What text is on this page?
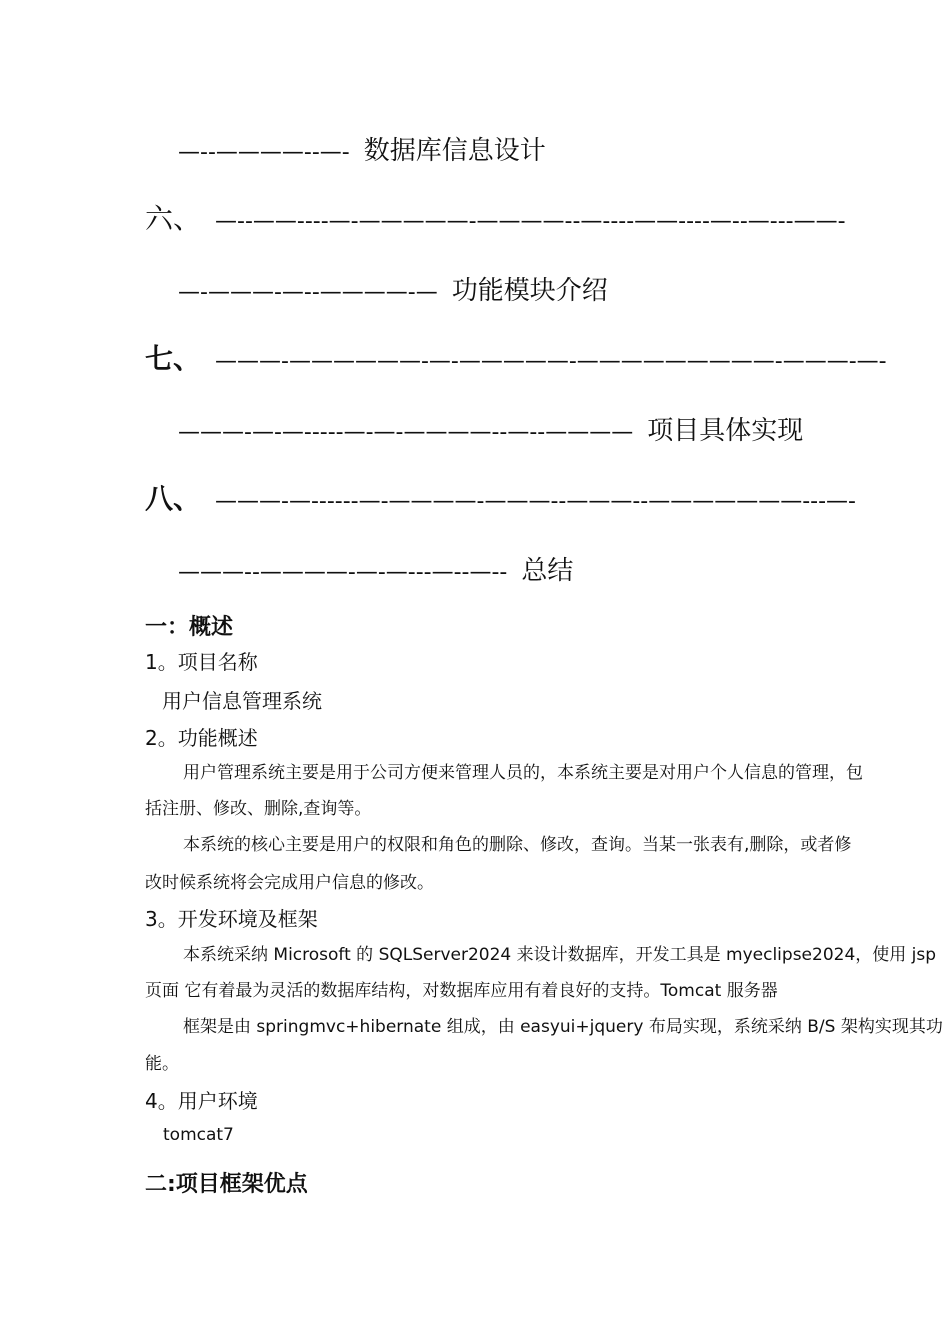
—--————--—- 数据库信息设计
六、 —--——----—-—————-————--—----——----—--—---——-
—-———-—--————-— 功能模块介绍
七、 ———-——————-—-—————-—————————-———-—-
———-—-—-----—-—-————--—--———— 项目具体实现
八、 ———-—------—-————-———--———--———————---—-
———--————-—-—---—--—-- 总结
一：概述
1。项目名称
用户信息管理系统
2。功能概述
用户管理系统主要是用于公司方便来管理人员的，本系统主要是对用户个人信息的管理，包
括注册、修改、删除,查询等。
本系统的核心主要是用户的权限和角色的删除、修改，查询。当某一张表有,删除，或者修
改时候系统将会完成用户信息的修改。
3。开发环境及框架
本系统采纳 Microsoft 的 SQLServer2024 来设计数据库，开发工具是 myeclipse2024，使用 jsp
页面 它有着最为灵活的数据库结构，对数据库应用有着良好的支持。Tomcat 服务器
框架是由 springmvc+hibernate 组成，由 easyui+jquery 布局实现，系统采纳 B/S 架构实现其功
能。
4。用户环境
tomcat7
二:项目框架优点
